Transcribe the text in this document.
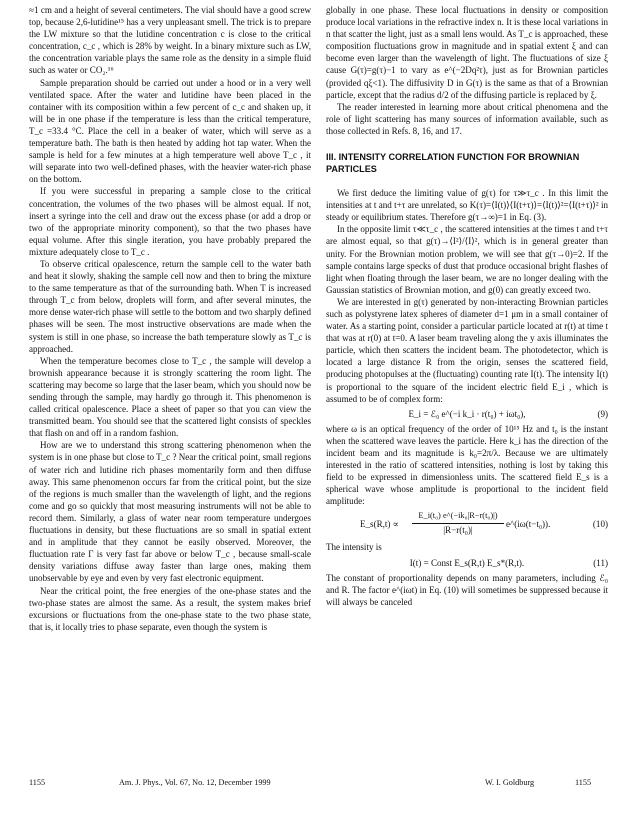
≈1 cm and a height of several centimeters. The vial should have a good screw top, because 2,6-lutidine¹⁵ has a very unpleasant smell. The trick is to prepare the LW mixture so that the lutidine concentration c is close to the critical concentration, c_c , which is 28% by weight. In a binary mixture such as LW, the concentration variable plays the same role as the density in a simple fluid such as water or CO₂.¹⁶

Sample preparation should be carried out under a hood or in a very well ventilated space. After the water and lutidine have been placed in the container with its composition within a few percent of c_c and shaken up, it will be in one phase if the temperature is less than the critical temperature, T_c =33.4 °C. Place the cell in a beaker of water, which will serve as a temperature bath. The bath is then heated by adding hot tap water. When the sample is held for a few minutes at a high temperature well above T_c , it will separate into two well-defined phases, with the heavier water-rich phase on the bottom.

If you were successful in preparing a sample close to the critical concentration, the volumes of the two phases will be almost equal. If not, insert a syringe into the cell and draw out the excess phase (or add a drop or two of the appropriate minority component), so that the two phases have equal volume. After this single iteration, you have probably prepared the mixture adequately close to T_c .

To observe critical opalescence, return the sample cell to the water bath and heat it slowly, shaking the sample cell now and then to bring the mixture to the same temperature as that of the surrounding bath. When T is increased through T_c from below, droplets will form, and after several minutes, the more dense water-rich phase will settle to the bottom and two sharply defined phases will be seen. The most instructive observations are made when the system is still in one phase, so increase the bath temperature slowly as T_c is approached.

When the temperature becomes close to T_c , the sample will develop a brownish appearance because it is strongly scattering the room light. The scattering may become so large that the laser beam, which you should now be sending through the sample, may hardly go through it. This phenomenon is called critical opalescence. Place a sheet of paper so that you can view the transmitted beam. You should see that the scattered light consists of speckles that flash on and off in a random fashion.

How are we to understand this strong scattering phenomenon when the system is in one phase but close to T_c ? Near the critical point, small regions of water rich and lutidine rich phases momentarily form and then diffuse away. This same phenomenon occurs far from the critical point, but the size of the regions is much smaller than the wavelength of light, and the regions come and go so quickly that most measuring instruments will not be able to record them. Similarly, a glass of water near room temperature undergoes fluctuations in density, but these fluctuations are so small in spatial extent and in amplitude that they cannot be easily observed. Moreover, the fluctuation rate Γ is very fast far above or below T_c , because small-scale density variations diffuse away faster than large ones, making them unobservable by eye and even by very fast electronic equipment.

Near the critical point, the free energies of the one-phase states and the two-phase states are almost the same. As a result, the system makes brief excursions or fluctuations from the one-phase state to the two phase state, that is, it locally tries to phase separate, even though the system is

globally in one phase. These local fluctuations in density or composition produce local variations in the refractive index n. It is these local variations in n that scatter the light, just as a small lens would. As T_c is approached, these composition fluctuations grow in magnitude and in spatial extent ξ and can become even larger than the wavelength of light. The fluctuations of size ξ cause G(τ)=g(τ)−1 to vary as e^(−2Dq²τ), just as for Brownian particles (provided qξ<1). The diffusivity D in G(τ) is the same as that of a Brownian particle, except that the radius d/2 of the diffusing particle is replaced by ξ.

The reader interested in learning more about critical phenomena and the role of light scattering has many sources of information available, such as those collected in Refs. 8, 16, and 17.

III. INTENSITY CORRELATION FUNCTION FOR BROWNIAN PARTICLES

We first deduce the limiting value of g(τ) for τ≫τ_c . In this limit the intensities at t and t+τ are unrelated, so K(τ)=⟨I(t)⟩⟨I(t+τ)⟩=⟨I(t)⟩²=⟨I(t+τ)⟩² in steady or equilibrium states. Therefore g(τ→∞)=1 in Eq. (3).

In the opposite limit τ≪τ_c , the scattered intensities at the times t and t+τ are almost equal, so that g(τ)→⟨I²⟩/⟨I⟩², which is in general greater than unity. For the Brownian motion problem, we will see that g(τ→0)=2. If the sample contains large specks of dust that produce occasional bright flashes of light when floating through the laser beam, we are no longer dealing with the Gaussian statistics of Brownian motion, and g(0) can greatly exceed two.

We are interested in g(τ) generated by non-interacting Brownian particles such as polystyrene latex spheres of diameter d=1 μm in a small container of water. As a starting point, consider a particular particle located at r(t) at time t that was at r(0) at t=0. A laser beam traveling along the y axis illuminates the particle, which then scatters the incident beam. The photodetector, which is located a large distance R from the origin, senses the scattered field, producing photopulses at the (fluctuating) counting rate I(t). The intensity I(t) is proportional to the square of the incident electric field E_i , which is assumed to be of complex form:

E_i = ℰ₀ e^(−i k_i · r(t₀) + iωt₀),	(9)

where ω is an optical frequency of the order of 10¹⁵ Hz and t₀ is the instant when the scattered wave leaves the particle. Here k_i has the direction of the incident beam and its magnitude is k₀=2π/λ. Because we are ultimately interested in the ratio of scattered intensities, nothing is lost by taking this field to be expressed in dimensionless units. The scattered field E_s is a spherical wave whose amplitude is proportional to the incident field amplitude:

E_s(R,t) ∝ $\frac{\text{E\_i(t₀) e\textasciicircum{}(−ik₀|R−r(t₀)|)}}{\text{|R−r(t₀)|}}$ e^(iω(t−t₀)).	(10)

The intensity is

I(t) = Const E_s(R,t) E_s*(R,t).	(11)

The constant of proportionality depends on many parameters, including ℰ₀ and R. The factor e^(iωt) in Eq. (10) will sometimes be suppressed because it will always be canceled

1155	Am. J. Phys., Vol. 67, No. 12, December 1999	W. I. Goldburg	1155
